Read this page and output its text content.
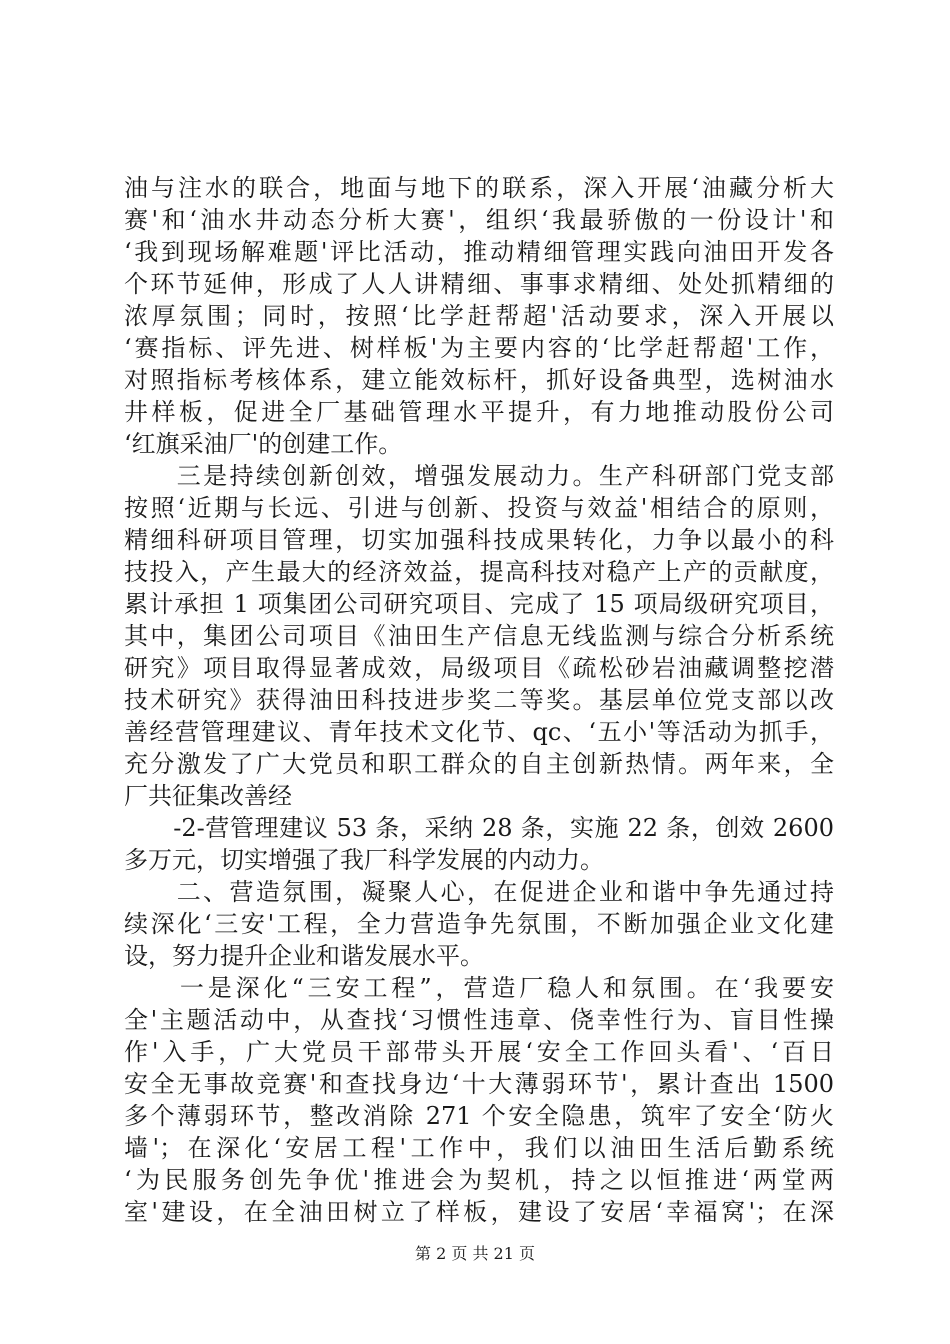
油与注水的联合，地面与地下的联系，深入开展‘油藏分析大
赛'和‘油水井动态分析大赛'，组织‘我最骄傲的一份设计'和
‘我到现场解难题'评比活动，推动精细管理实践向油田开发各
个环节延伸，形成了人人讲精细、事事求精细、处处抓精细的
浓厚氛围；同时，按照‘比学赶帮超'活动要求，深入开展以
‘赛指标、评先进、树样板'为主要内容的‘比学赶帮超'工作，
对照指标考核体系，建立能效标杆，抓好设备典型，选树油水
井样板，促进全厂基础管理水平提升，有力地推动股份公司
‘红旗采油厂'的创建工作。
　　三是持续创新创效，增强发展动力。生产科研部门党支部
按照‘近期与长远、引进与创新、投资与效益'相结合的原则，
精细科研项目管理，切实加强科技成果转化，力争以最小的科
技投入，产生最大的经济效益，提高科技对稳产上产的贡献度，
累计承担 1 项集团公司研究项目、完成了 15 项局级研究项目，
其中，集团公司项目《油田生产信息无线监测与综合分析系统
研究》项目取得显著成效，局级项目《疏松砂岩油藏调整挖潜
技术研究》获得油田科技进步奖二等奖。基层单位党支部以改
善经营管理建议、青年技术文化节、qc、‘五小'等活动为抓手，
充分激发了广大党员和职工群众的自主创新热情。两年来，全
厂共征集改善经
　　-2-营管理建议 53 条，采纳 28 条，实施 22 条，创效 2600
多万元，切实增强了我厂科学发展的内动力。
　　二、营造氛围，凝聚人心，在促进企业和谐中争先通过持
续深化‘三安'工程，全力营造争先氛围，不断加强企业文化建
设，努力提升企业和谐发展水平。
　　一是深化“三安工程”，营造厂稳人和氛围。在‘我要安
全'主题活动中，从查找‘习惯性违章、侥幸性行为、盲目性操
作'入手，广大党员干部带头开展‘安全工作回头看'、‘百日
安全无事故竞赛'和查找身边‘十大薄弱环节'，累计查出 1500
多个薄弱环节，整改消除 271 个安全隐患，筑牢了安全‘防火
墙'；在深化‘安居工程'工作中，我们以油田生活后勤系统
‘为民服务创先争优'推进会为契机，持之以恒推进‘两堂两
室'建设，在全油田树立了样板，建设了安居‘幸福窝'；在深
第 2 页 共 21 页
